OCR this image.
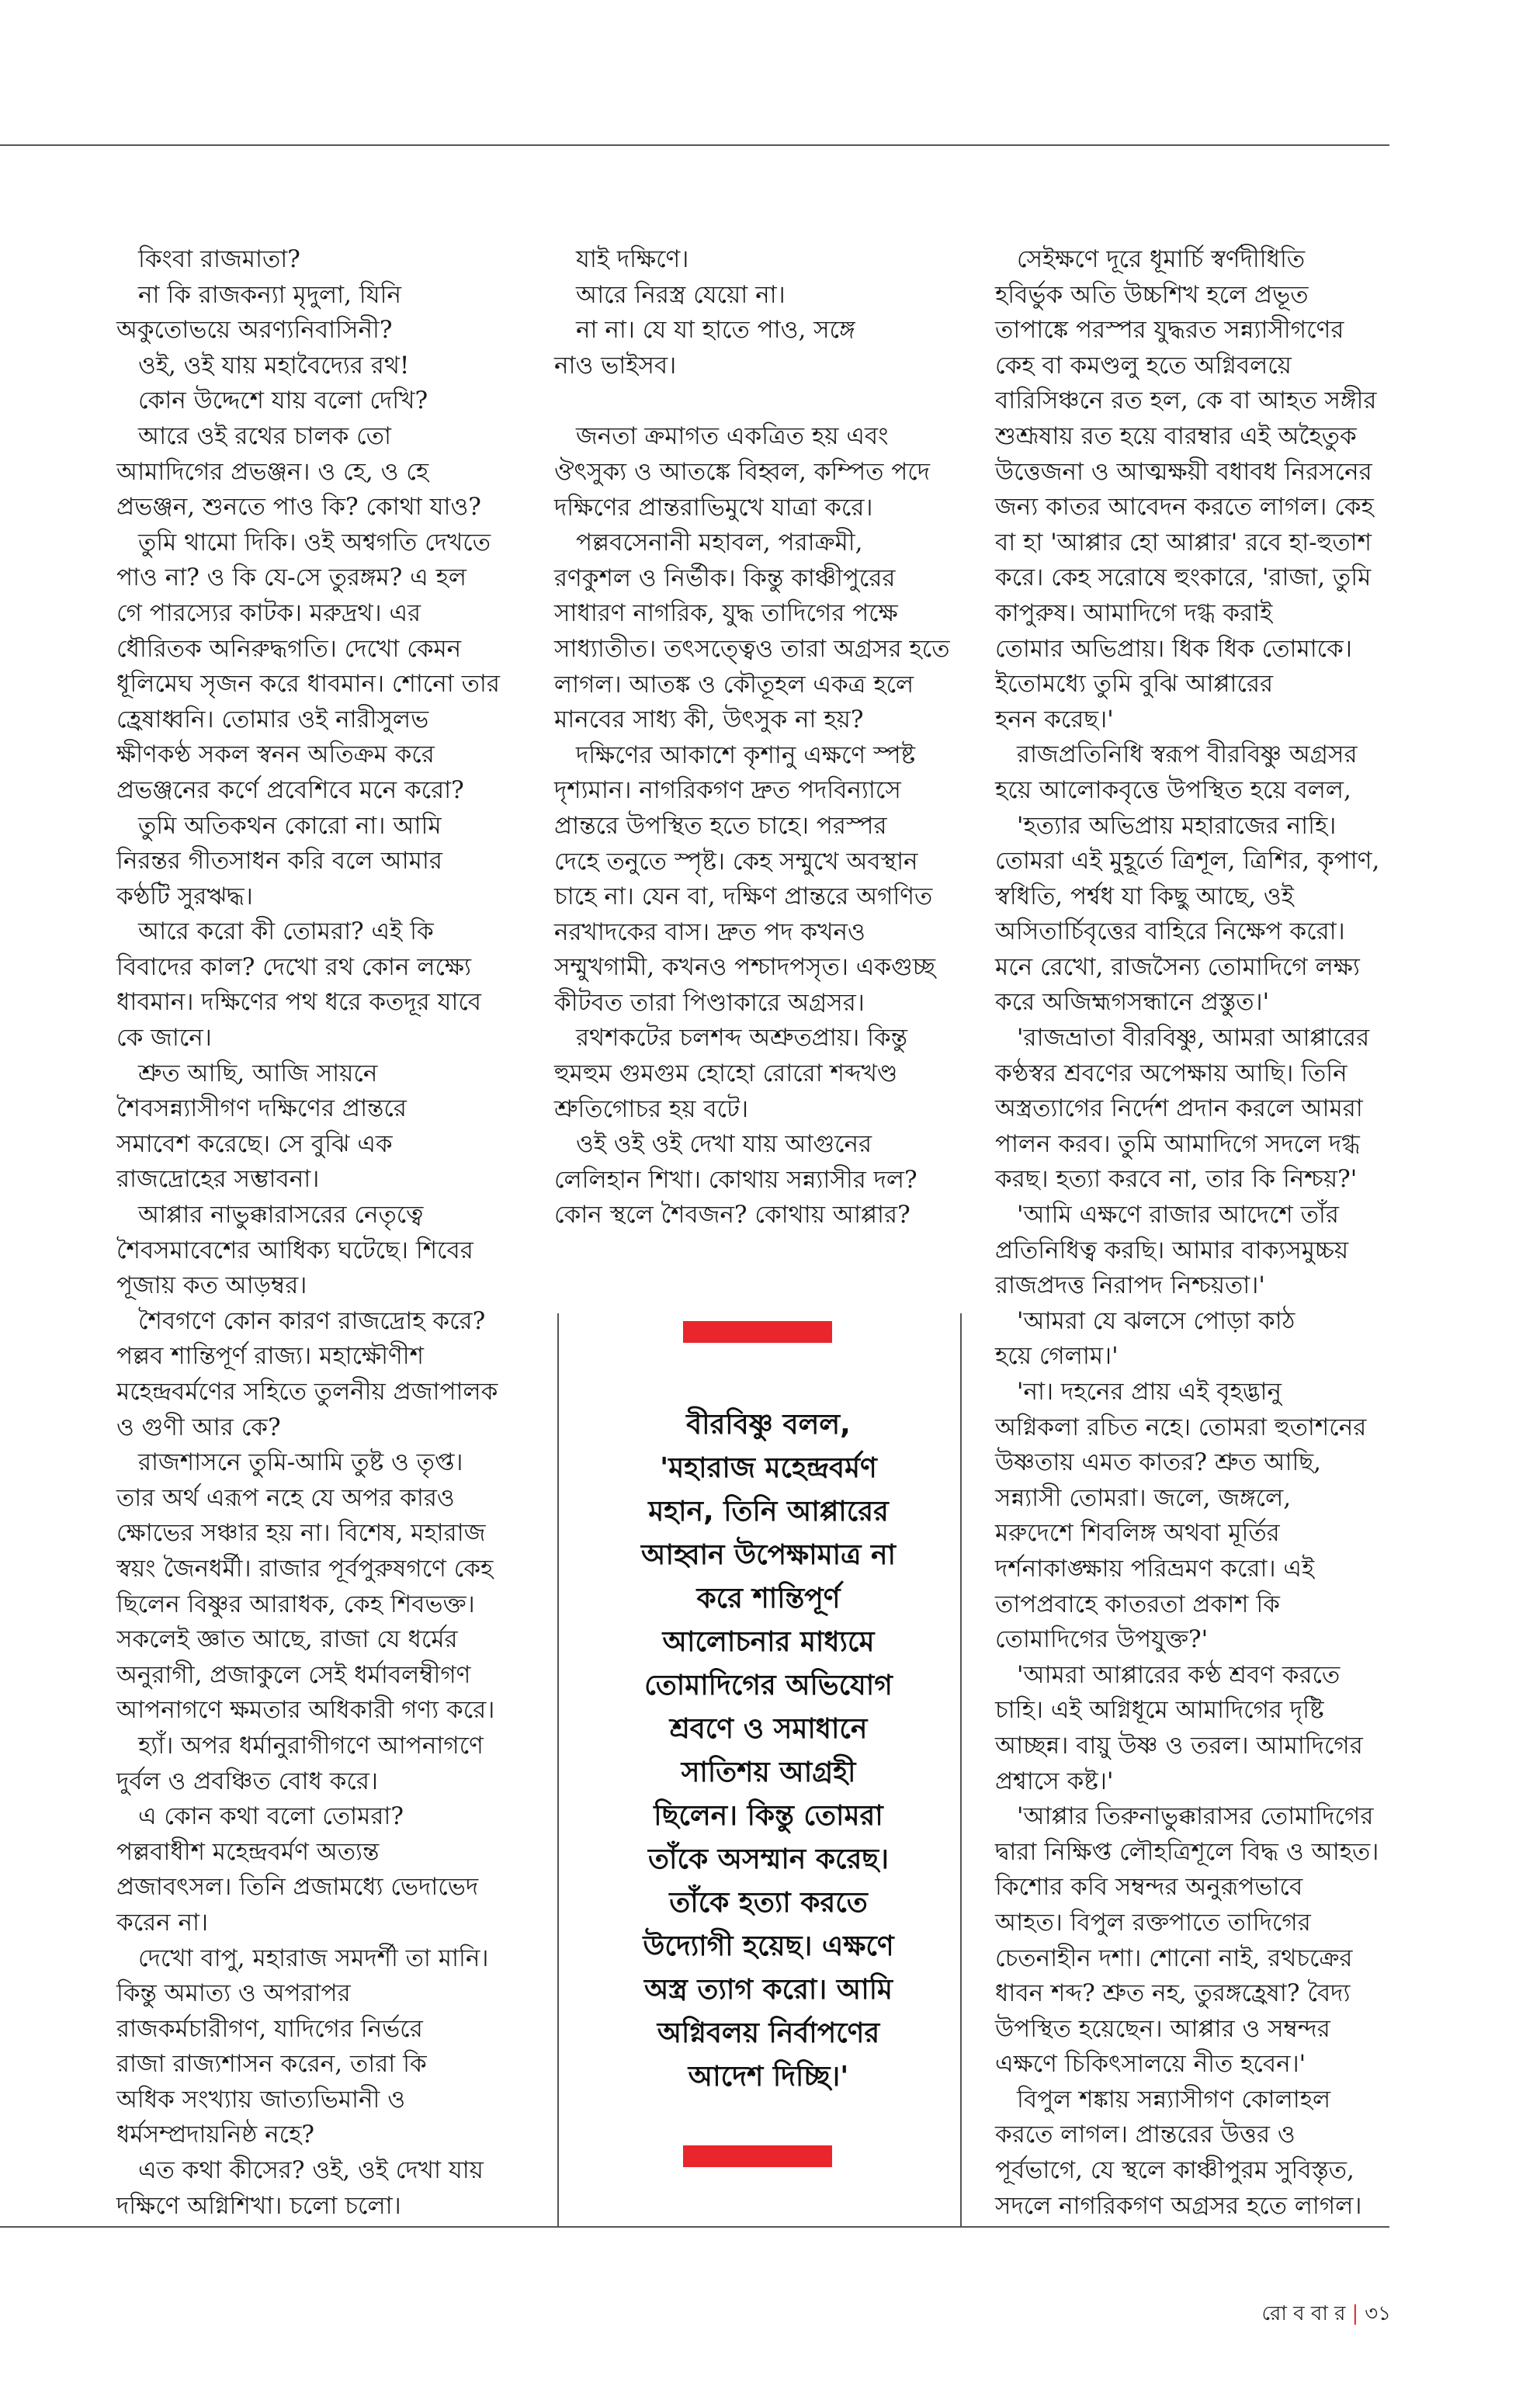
কিংবা রাজমাতা?

না কি রাজকন্যা মৃদুলা, যিনি

অকুতোভয়ে অরণ্যনিবাসিনী?

ওই, ওই যায় মহাবৈদ্যের রথ!

কোন উদ্দেশে যায় বলো দেখি?

আরে ওই রথের চালক তো

আমাদিগের প্রভঞ্জন। ও হে, ও হে

প্রভঞ্জন, শুনতে পাও কি? কোথা যাও?

তুমি থামো দিকি। ওই অশ্বগতি দেখতে

পাও না? ও কি যে-সে তুরঙ্গম? এ হল

গে পারস্যের কাটক। মরুদ্রথ। এর

ধৌরিতক অনিরুদ্ধগতি। দেখো কেমন

ধূলিমেঘ সৃজন করে ধাবমান। শোনো তার

হ্রেষাধ্বনি। তোমার ওই নারীসুলভ

ক্ষীণকণ্ঠ সকল স্বনন অতিক্রম করে

প্রভঞ্জনের কর্ণে প্রবেশিবে মনে করো?

তুমি অতিকথন কোরো না। আমি

নিরন্তর গীতসাধন করি বলে আমার

কণ্ঠটি সুরঋদ্ধ।

আরে করো কী তোমরা? এই কি

বিবাদের কাল? দেখো রথ কোন লক্ষ্যে

ধাবমান। দক্ষিণের পথ ধরে কতদূর যাবে

কে জানে।

শ্রুত আছি, আজি সায়নে

শৈবসন্ন্যাসীগণ দক্ষিণের প্রান্তরে

সমাবেশ করেছে। সে বুঝি এক

রাজদ্রোহের সম্ভাবনা।

আপ্পার নাভুক্কারাসরের নেতৃত্বে

শৈবসমাবেশের আধিক্য ঘটেছে। শিবের

পূজায় কত আড়ম্বর।

শৈবগণে কোন কারণ রাজদ্রোহ করে?

পল্লব শান্তিপূর্ণ রাজ্য। মহাক্ষৌণীশ

মহেন্দ্রবর্মণের সহিতে তুলনীয় প্রজাপালক

ও গুণী আর কে?

রাজশাসনে তুমি-আমি তুষ্ট ও তৃপ্ত।

তার অর্থ এরূপ নহে যে অপর কারও

ক্ষোভের সঞ্চার হয় না। বিশেষ, মহারাজ

স্বয়ং জৈনধর্মী। রাজার পূর্বপুরুষগণে কেহ

ছিলেন বিষ্ণুর আরাধক, কেহ শিবভক্ত।

সকলেই জ্ঞাত আছে, রাজা যে ধর্মের

অনুরাগী, প্রজাকুলে সেই ধর্মাবলম্বীগণ

আপনাগণে ক্ষমতার অধিকারী গণ্য করে।

হ্যাঁ। অপর ধর্মানুরাগীগণে আপনাগণে

দুর্বল ও প্রবঞ্চিত বোধ করে।

এ কোন কথা বলো তোমরা?

পল্লবাধীশ মহেন্দ্রবর্মণ অত্যন্ত

প্রজাবৎসল। তিনি প্রজামধ্যে ভেদাভেদ

করেন না।

দেখো বাপু, মহারাজ সমদর্শী তা মানি।

কিন্তু অমাত্য ও অপরাপর

রাজকর্মচারীগণ, যাদিগের নির্ভরে

রাজা রাজ্যশাসন করেন, তারা কি

অধিক সংখ্যায় জাত্যভিমানী ও

ধর্মসম্প্রদায়নিষ্ঠ নহে?

এত কথা কীসের? ওই, ওই দেখা যায়

দক্ষিণে অগ্নিশিখা। চলো চলো।

যাই দক্ষিণে।

আরে নিরস্ত্র যেয়ো না।

না না। যে যা হাতে পাও, সঙ্গে

নাও ভাইসব।

জনতা ক্রমাগত একত্রিত হয় এবং

ঔৎসুক্য ও আতঙ্কে বিহ্বল, কম্পিত পদে

দক্ষিণের প্রান্তরাভিমুখে যাত্রা করে।

পল্লবসেনানী মহাবল, পরাক্রমী,

রণকুশল ও নির্ভীক। কিন্তু কাঞ্চীপুরের

সাধারণ নাগরিক, যুদ্ধ তাদিগের পক্ষে

সাধ্যাতীত। তৎসত্ত্বেও তারা অগ্রসর হতে

লাগল। আতঙ্ক ও কৌতূহল একত্র হলে

মানবের সাধ্য কী, উৎসুক না হয়?

দক্ষিণের আকাশে কৃশানু এক্ষণে স্পষ্ট

দৃশ্যমান। নাগরিকগণ দ্রুত পদবিন্যাসে

প্রান্তরে উপস্থিত হতে চাহে। পরস্পর

দেহে তনুতে স্পৃষ্ট। কেহ সম্মুখে অবস্থান

চাহে না। যেন বা, দক্ষিণ প্রান্তরে অগণিত

নরখাদকের বাস। দ্রুত পদ কখনও

সম্মুখগামী, কখনও পশ্চাদপসৃত। একগুচ্ছ

কীটবত তারা পিণ্ডাকারে অগ্রসর।

রথশকটের চলশব্দ অশ্রুতপ্রায়। কিন্তু

হুমহুম গুমগুম হোহো রোরো শব্দখণ্ড

শ্রুতিগোচর হয় বটে।

ওই ওই ওই দেখা যায় আগুনের

লেলিহান শিখা। কোথায় সন্ন্যাসীর দল?

কোন স্থলে শৈবজন? কোথায় আপ্পার?

সেইক্ষণে দূরে ধূমার্চি স্বর্ণদীধিতি

হবির্ভুক অতি উচ্চশিখ হলে প্রভূত

তাপাঙ্কে পরস্পর যুদ্ধরত সন্ন্যাসীগণের

কেহ বা কমণ্ডলু হতে অগ্নিবলয়ে

বারিসিঞ্চনে রত হল, কে বা আহত সঙ্গীর

শুশ্রূষায় রত হয়ে বারম্বার এই অহৈতুক

উত্তেজনা ও আত্মক্ষয়ী বধাবধ নিরসনের

জন্য কাতর আবেদন করতে লাগল। কেহ

বা হা 'আপ্পার হো আপ্পার' রবে হা-হুতাশ

করে। কেহ সরোষে হুংকারে, 'রাজা, তুমি

কাপুরুষ। আমাদিগে দগ্ধ করাই

তোমার অভিপ্রায়। ধিক ধিক তোমাকে।

ইতোমধ্যে তুমি বুঝি আপ্পারের

হনন করেছ।'

রাজপ্রতিনিধি স্বরূপ বীরবিষ্ণু অগ্রসর

হয়ে আলোকবৃত্তে উপস্থিত হয়ে বলল,

'হত্যার অভিপ্রায় মহারাজের নাহি।

তোমরা এই মুহূর্তে ত্রিশূল, ত্রিশির, কৃপাণ,

স্বধিতি, পর্শ্বধ যা কিছু আছে, ওই

অসিতার্চিবৃত্তের বাহিরে নিক্ষেপ করো।

মনে রেখো, রাজসৈন্য তোমাদিগে লক্ষ্য

করে অজিহ্মগসন্ধানে প্রস্তুত।'

'রাজভ্রাতা বীরবিষ্ণু, আমরা আপ্পারের

কণ্ঠস্বর শ্রবণের অপেক্ষায় আছি। তিনি

অস্ত্রত্যাগের নির্দেশ প্রদান করলে আমরা

পালন করব। তুমি আমাদিগে সদলে দগ্ধ

করছ। হত্যা করবে না, তার কি নিশ্চয়?'

'আমি এক্ষণে রাজার আদেশে তাঁর

প্রতিনিধিত্ব করছি। আমার বাক্যসমুচ্চয়

রাজপ্রদত্ত নিরাপদ নিশ্চয়তা।'

'আমরা যে ঝলসে পোড়া কাঠ

হয়ে গেলাম।'

'না। দহনের প্রায় এই বৃহদ্ভানু

অগ্নিকলা রচিত নহে। তোমরা হুতাশনের

উষ্ণতায় এমত কাতর? শ্রুত আছি,

সন্ন্যাসী তোমরা। জলে, জঙ্গলে,

মরুদেশে শিবলিঙ্গ অথবা মূর্তির

দর্শনাকাঙ্ক্ষায় পরিভ্রমণ করো। এই

তাপপ্রবাহে কাতরতা প্রকাশ কি

তোমাদিগের উপযুক্ত?'

'আমরা আপ্পারের কণ্ঠ শ্রবণ করতে

চাহি। এই অগ্নিধূমে আমাদিগের দৃষ্টি

আচ্ছন্ন। বায়ু উষ্ণ ও তরল। আমাদিগের

প্রশ্বাসে কষ্ট।'

'আপ্পার তিরুনাভুক্কারাসর তোমাদিগের

দ্বারা নিক্ষিপ্ত লৌহত্রিশূলে বিদ্ধ ও আহত।

কিশোর কবি সম্বন্দর অনুরূপভাবে

আহত। বিপুল রক্তপাতে তাদিগের

চেতনাহীন দশা। শোনো নাই, রথচক্রের

ধাবন শব্দ? শ্রুত নহ, তুরঙ্গহ্রেষা? বৈদ্য

উপস্থিত হয়েছেন। আপ্পার ও সম্বন্দর

এক্ষণে চিকিৎসালয়ে নীত হবেন।'

বিপুল শঙ্কায় সন্ন্যাসীগণ কোলাহল

করতে লাগল। প্রান্তরের উত্তর ও

পূর্বভাগে, যে স্থলে কাঞ্চীপুরম সুবিস্তৃত,

সদলে নাগরিকগণ অগ্রসর হতে লাগল।

বীরবিষ্ণু বলল,
'মহারাজ মহেন্দ্রবর্মণ
মহান, তিনি আপ্পারের
আহ্বান উপেক্ষামাত্র না
করে শান্তিপূর্ণ
আলোচনার মাধ্যমে
তোমাদিগের অভিযোগ
শ্রবণে ও সমাধানে
সাতিশয় আগ্রহী
ছিলেন। কিন্তু তোমরা
তাঁকে অসম্মান করেছ।
তাঁকে হত্যা করতে
উদ্যোগী হয়েছ। এক্ষণে
অস্ত্র ত্যাগ করো। আমি
অগ্নিবলয় নির্বাপণের
আদেশ দিচ্ছি।'
রো ব বা র | ৩১
